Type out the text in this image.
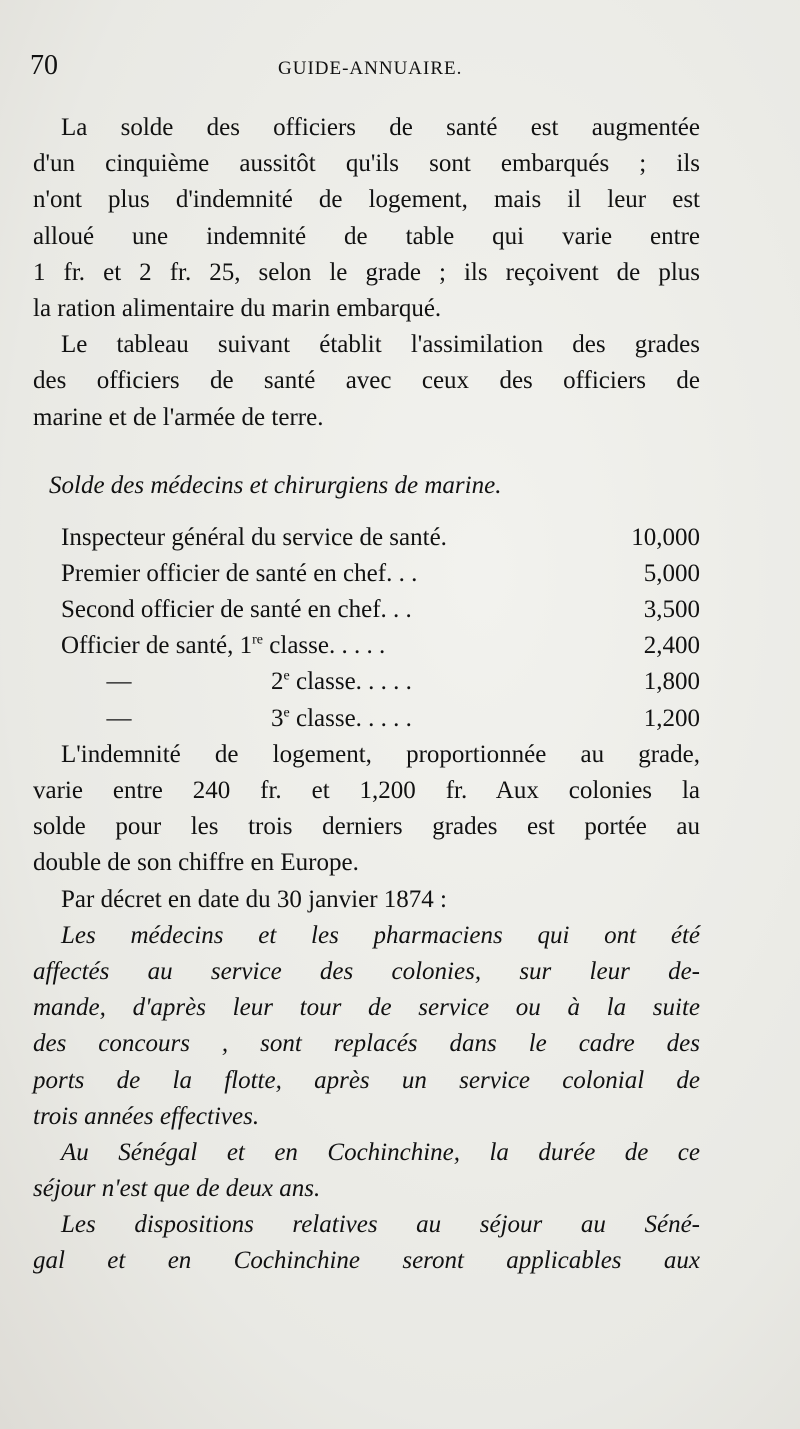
70	GUIDE-ANNUAIRE.
La solde des officiers de santé est augmentée
d'un cinquième aussitôt qu'ils sont embarqués ; ils
n'ont plus d'indemnité de logement, mais il leur est
alloué une indemnité de table qui varie entre
1 fr. et 2 fr. 25, selon le grade ; ils reçoivent de plus
la ration alimentaire du marin embarqué.
Le tableau suivant établit l'assimilation des grades
des officiers de santé avec ceux des officiers de
marine et de l'armée de terre.
Solde des médecins et chirurgiens de marine.
Inspecteur général du service de santé.	10,000
Premier officier de santé en chef. . .	5,000
Second officier de santé en chef. . .	3,500
Officier de santé, 1re classe. . . . .	2,400
—	2e classe. . . . .	1,800
—	3e classe. . . . .	1,200
L'indemnité de logement, proportionnée au grade,
varie entre 240 fr. et 1,200 fr. Aux colonies la
solde pour les trois derniers grades est portée au
double de son chiffre en Europe.
Par décret en date du 30 janvier 1874 :
Les médecins et les pharmaciens qui ont été
affectés au service des colonies, sur leur de-
mande, d'après leur tour de service ou à la suite
des concours , sont replacés dans le cadre des
ports de la flotte, après un service colonial de
trois années effectives.
Au Sénégal et en Cochinchine, la durée de ce
séjour n'est que de deux ans.
Les dispositions relatives au séjour au Séné-
gal et en Cochinchine seront applicables aux
